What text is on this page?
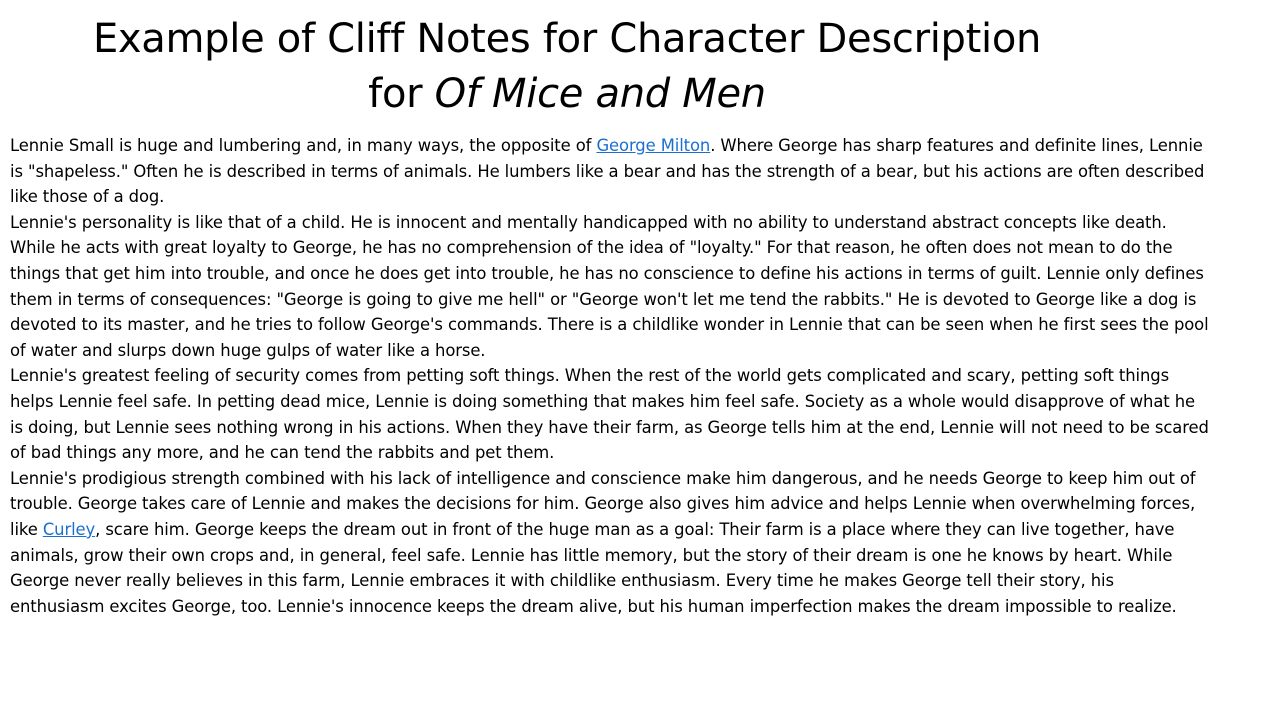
Example of Cliff Notes for Character Description
for Of Mice and Men

Lennie Small is huge and lumbering and, in many ways, the opposite of George Milton. Where George has sharp features and definite lines, Lennie is "shapeless." Often he is described in terms of animals. He lumbers like a bear and has the strength of a bear, but his actions are often described like those of a dog.

Lennie's personality is like that of a child. He is innocent and mentally handicapped with no ability to understand abstract concepts like death. While he acts with great loyalty to George, he has no comprehension of the idea of "loyalty." For that reason, he often does not mean to do the things that get him into trouble, and once he does get into trouble, he has no conscience to define his actions in terms of guilt. Lennie only defines them in terms of consequences: "George is going to give me hell" or "George won't let me tend the rabbits." He is devoted to George like a dog is devoted to its master, and he tries to follow George's commands. There is a childlike wonder in Lennie that can be seen when he first sees the pool of water and slurps down huge gulps of water like a horse.

Lennie's greatest feeling of security comes from petting soft things. When the rest of the world gets complicated and scary, petting soft things helps Lennie feel safe. In petting dead mice, Lennie is doing something that makes him feel safe. Society as a whole would disapprove of what he is doing, but Lennie sees nothing wrong in his actions. When they have their farm, as George tells him at the end, Lennie will not need to be scared of bad things any more, and he can tend the rabbits and pet them.

Lennie's prodigious strength combined with his lack of intelligence and conscience make him dangerous, and he needs George to keep him out of trouble. George takes care of Lennie and makes the decisions for him. George also gives him advice and helps Lennie when overwhelming forces, like Curley, scare him. George keeps the dream out in front of the huge man as a goal: Their farm is a place where they can live together, have animals, grow their own crops and, in general, feel safe. Lennie has little memory, but the story of their dream is one he knows by heart. While George never really believes in this farm, Lennie embraces it with childlike enthusiasm. Every time he makes George tell their story, his enthusiasm excites George, too. Lennie's innocence keeps the dream alive, but his human imperfection makes the dream impossible to realize.
